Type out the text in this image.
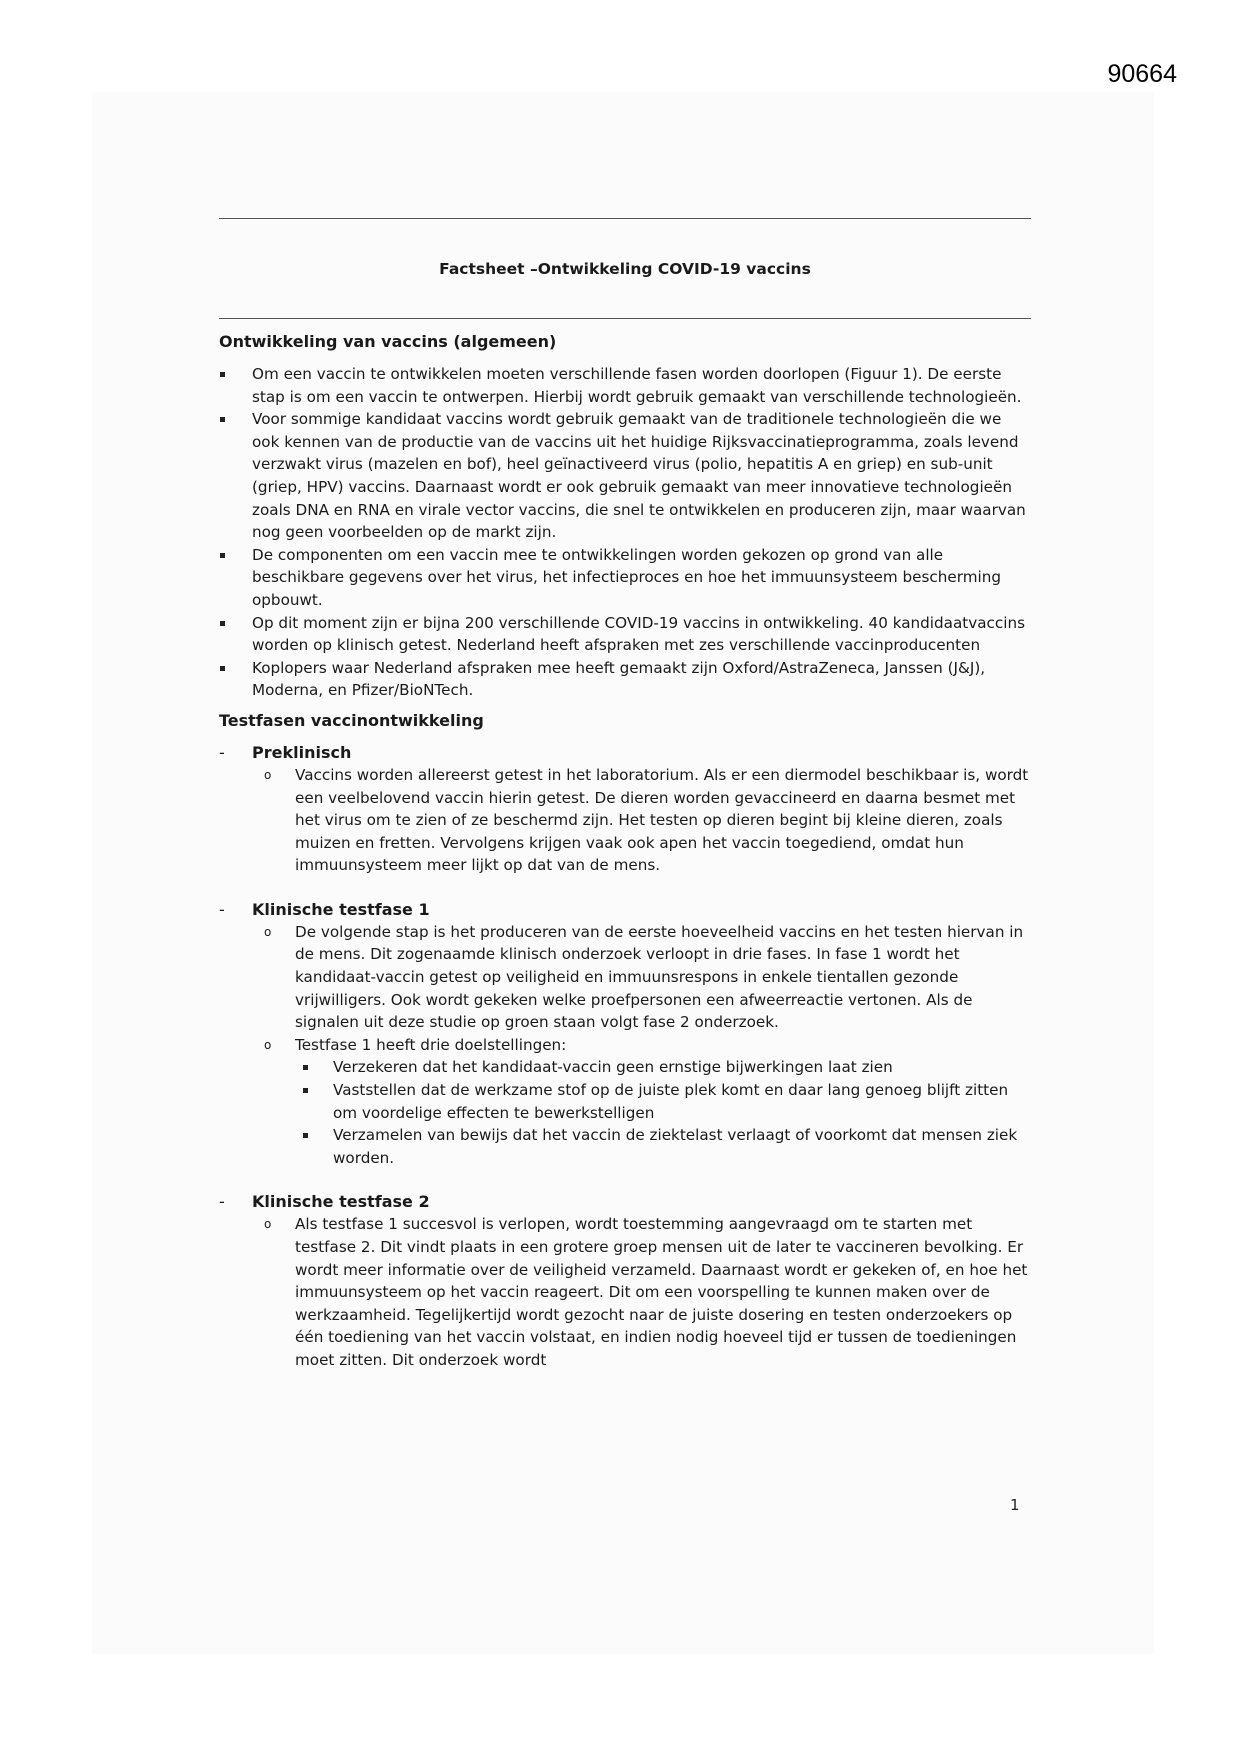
90664
Factsheet –Ontwikkeling COVID-19 vaccins
Ontwikkeling van vaccins (algemeen)
Om een vaccin te ontwikkelen moeten verschillende fasen worden doorlopen (Figuur 1). De eerste stap is om een vaccin te ontwerpen. Hierbij wordt gebruik gemaakt van verschillende technologieën.
Voor sommige kandidaat vaccins wordt gebruik gemaakt van de traditionele technologieën die we ook kennen van de productie van de vaccins uit het huidige Rijksvaccinatieprogramma, zoals levend verzwakt virus (mazelen en bof), heel geïnactiveerd virus (polio, hepatitis A en griep) en sub-unit (griep, HPV) vaccins. Daarnaast wordt er ook gebruik gemaakt van meer innovatieve technologieën zoals DNA en RNA en virale vector vaccins, die snel te ontwikkelen en produceren zijn, maar waarvan nog geen voorbeelden op de markt zijn.
De componenten om een vaccin mee te ontwikkelingen worden gekozen op grond van alle beschikbare gegevens over het virus, het infectieproces en hoe het immuunsysteem bescherming opbouwt.
Op dit moment zijn er bijna 200 verschillende COVID-19 vaccins in ontwikkeling. 40 kandidaatvaccins worden op klinisch getest. Nederland heeft afspraken met zes verschillende vaccinproducenten
Koplopers waar Nederland afspraken mee heeft gemaakt zijn Oxford/AstraZeneca, Janssen (J&J), Moderna, en Pfizer/BioNTech.
Testfasen vaccinontwikkeling
- Preklinisch
o Vaccins worden allereerst getest in het laboratorium. Als er een diermodel beschikbaar is, wordt een veelbelovend vaccin hierin getest. De dieren worden gevaccineerd en daarna besmet met het virus om te zien of ze beschermd zijn. Het testen op dieren begint bij kleine dieren, zoals muizen en fretten. Vervolgens krijgen vaak ook apen het vaccin toegediend, omdat hun immuunsysteem meer lijkt op dat van de mens.
- Klinische testfase 1
o De volgende stap is het produceren van de eerste hoeveelheid vaccins en het testen hiervan in de mens. Dit zogenaamde klinisch onderzoek verloopt in drie fases. In fase 1 wordt het kandidaat-vaccin getest op veiligheid en immuunsrespons in enkele tientallen gezonde vrijwilligers. Ook wordt gekeken welke proefpersonen een afweerreactie vertonen. Als de signalen uit deze studie op groen staan volgt fase 2 onderzoek.
o Testfase 1 heeft drie doelstellingen:
Verzekeren dat het kandidaat-vaccin geen ernstige bijwerkingen laat zien
Vaststellen dat de werkzame stof op de juiste plek komt en daar lang genoeg blijft zitten om voordelige effecten te bewerkstelligen
Verzamelen van bewijs dat het vaccin de ziektelast verlaagt of voorkomt dat mensen ziek worden.
- Klinische testfase 2
o Als testfase 1 succesvol is verlopen, wordt toestemming aangevraagd om te starten met testfase 2. Dit vindt plaats in een grotere groep mensen uit de later te vaccineren bevolking. Er wordt meer informatie over de veiligheid verzameld. Daarnaast wordt er gekeken of, en hoe het immuunsysteem op het vaccin reageert. Dit om een voorspelling te kunnen maken over de werkzaamheid. Tegelijkertijd wordt gezocht naar de juiste dosering en testen onderzoekers op één toediening van het vaccin volstaat, en indien nodig hoeveel tijd er tussen de toedieningen moet zitten. Dit onderzoek wordt
1
